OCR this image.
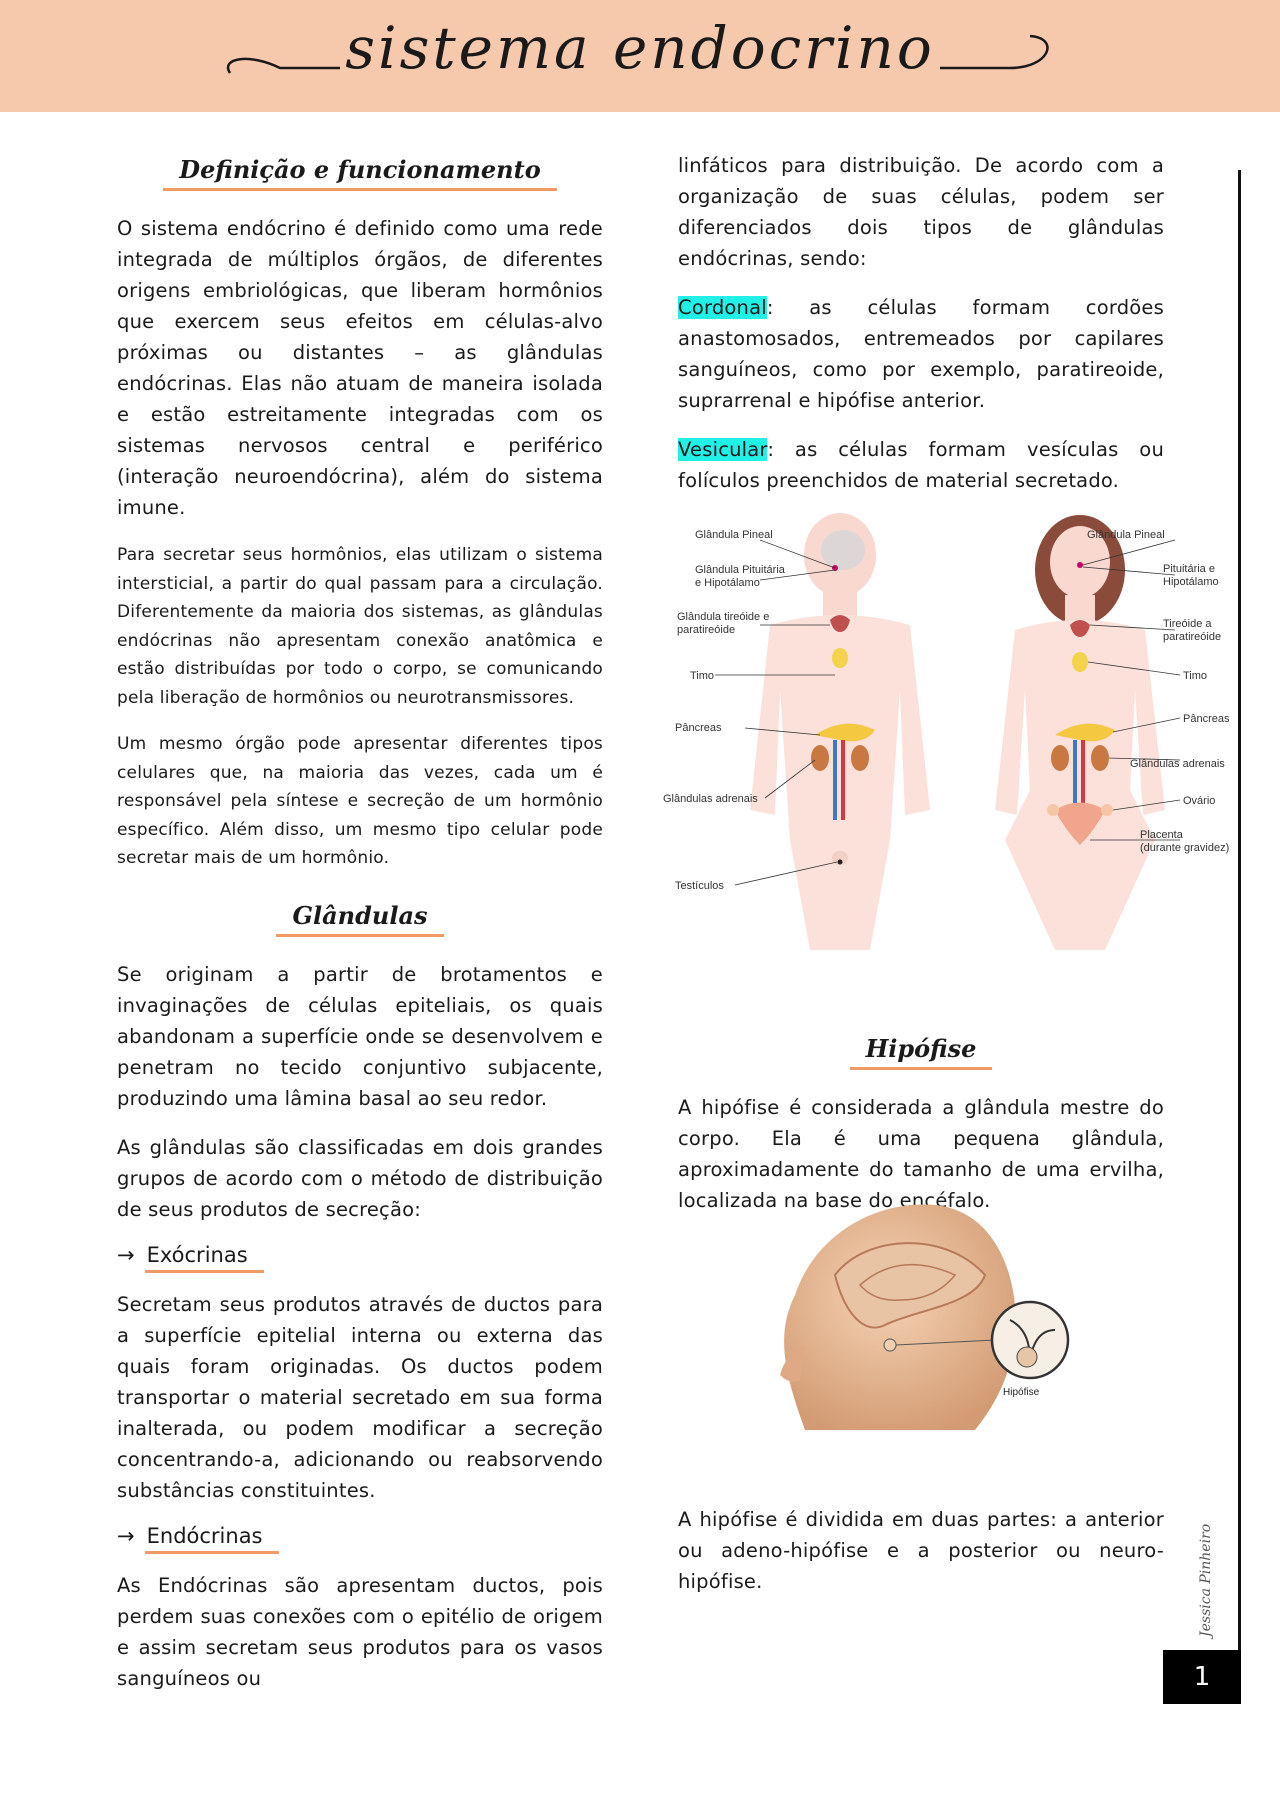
sistema endocrino
Definição e funcionamento

O sistema endócrino é definido como uma rede integrada de múltiplos órgãos, de diferentes origens embriológicas, que liberam hormônios que exercem seus efeitos em células-alvo próximas ou distantes – as glândulas endócrinas. Elas não atuam de maneira isolada e estão estreitamente integradas com os sistemas nervosos central e periférico (interação neuroendócrina), além do sistema imune.

Para secretar seus hormônios, elas utilizam o sistema intersticial, a partir do qual passam para a circulação. Diferentemente da maioria dos sistemas, as glândulas endócrinas não apresentam conexão anatômica e estão distribuídas por todo o corpo, se comunicando pela liberação de hormônios ou neurotransmissores.

Um mesmo órgão pode apresentar diferentes tipos celulares que, na maioria das vezes, cada um é responsável pela síntese e secreção de um hormônio específico. Além disso, um mesmo tipo celular pode secretar mais de um hormônio.

Glândulas

Se originam a partir de brotamentos e invaginações de células epiteliais, os quais abandonam a superfície onde se desenvolvem e penetram no tecido conjuntivo subjacente, produzindo uma lâmina basal ao seu redor.

As glândulas são classificadas em dois grandes grupos de acordo com o método de distribuição de seus produtos de secreção:

→ Exócrinas

Secretam seus produtos através de ductos para a superfície epitelial interna ou externa das quais foram originadas. Os ductos podem transportar o material secretado em sua forma inalterada, ou podem modificar a secreção concentrando-a, adicionando ou reabsorvendo substâncias constituintes.

→ Endócrinas

As Endócrinas são apresentam ductos, pois perdem suas conexões com o epitélio de origem e assim secretam seus produtos para os vasos sanguíneos ou

linfáticos para distribuição. De acordo com a organização de suas células, podem ser diferenciados dois tipos de glândulas endócrinas, sendo:

Cordonal: as células formam cordões anastomosados, entremeados por capilares sanguíneos, como por exemplo, paratireoide, suprarrenal e hipófise anterior.

Vesicular: as células formam vesículas ou folículos preenchidos de material secretado.

Hipófise

A hipófise é considerada a glândula mestre do corpo. Ela é uma pequena glândula, aproximadamente do tamanho de uma ervilha, localizada na base do encéfalo.

A hipófise é dividida em duas partes: a anterior ou adeno-hipófise e a posterior ou neuro-hipófise.

Glândula Pineal
Glândula Pituitária
e Hipotálamo
Glândula tireóide e
paratireóide
Timo
Pâncreas
Glândulas adrenais
Testículos
Glândula Pineal
Pituitária e
Hipotálamo
Tireóide a
paratireóide
Timo
Pâncreas
Glândulas adrenais
Ovário
Placenta
(durante gravidez)
Hipófise
Jessica Pinheiro
1
